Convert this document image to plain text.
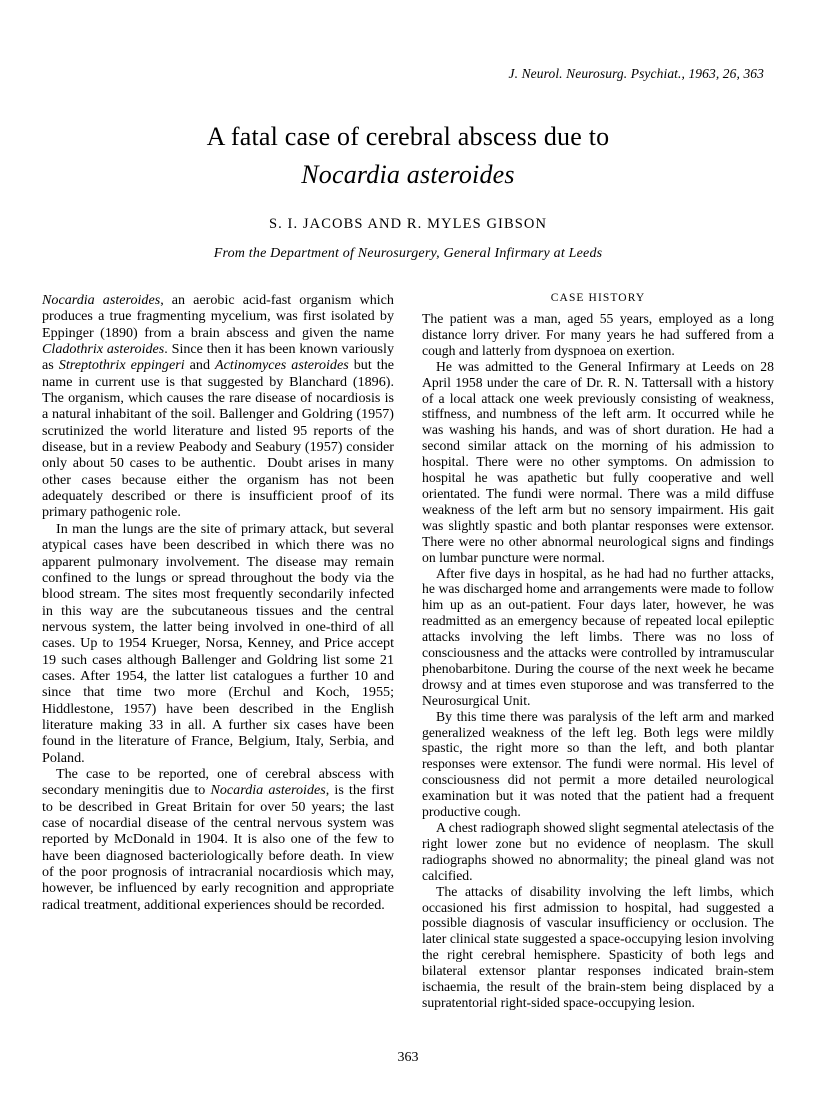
J. Neurol. Neurosurg. Psychiat., 1963, 26, 363
A fatal case of cerebral abscess due to
Nocardia asteroides
S. I. JACOBS AND R. MYLES GIBSON
From the Department of Neurosurgery, General Infirmary at Leeds

Nocardia asteroides, an aerobic acid-fast organism which produces a true fragmenting mycelium, was first isolated by Eppinger (1890) from a brain abscess and given the name Cladothrix asteroides. Since then it has been known variously as Streptothrix eppingeri and Actinomyces asteroides but the name in current use is that suggested by Blanchard (1896). The organism, which causes the rare disease of nocardiosis is a natural inhabitant of the soil. Ballenger and Goldring (1957) scrutinized the world literature and listed 95 reports of the disease, but in a review Peabody and Seabury (1957) consider only about 50 cases to be authentic.  Doubt arises in many other cases because either the organism has not been adequately described or there is insufficient proof of its primary pathogenic role.

In man the lungs are the site of primary attack, but several atypical cases have been described in which there was no apparent pulmonary involvement. The disease may remain confined to the lungs or spread throughout the body via the blood stream. The sites most frequently secondarily infected in this way are the subcutaneous tissues and the central nervous system, the latter being involved in one-third of all cases. Up to 1954 Krueger, Norsa, Kenney, and Price accept 19 such cases although Ballenger and Goldring list some 21 cases. After 1954, the latter list catalogues a further 10 and since that time two more (Erchul and Koch, 1955; Hiddlestone, 1957) have been described in the English literature making 33 in all. A further six cases have been found in the literature of France, Belgium, Italy, Serbia, and Poland.

The case to be reported, one of cerebral abscess with secondary meningitis due to Nocardia asteroides, is the first to be described in Great Britain for over 50 years; the last case of nocardial disease of the central nervous system was reported by McDonald in 1904. It is also one of the few to have been diagnosed bacteriologically before death. In view of the poor prognosis of intracranial nocardiosis which may, however, be influenced by early recognition and appropriate radical treatment, additional experiences should be recorded.

CASE HISTORY

The patient was a man, aged 55 years, employed as a long distance lorry driver. For many years he had suffered from a cough and latterly from dyspnoea on exertion.

He was admitted to the General Infirmary at Leeds on 28 April 1958 under the care of Dr. R. N. Tattersall with a history of a local attack one week previously consisting of weakness, stiffness, and numbness of the left arm. It occurred while he was washing his hands, and was of short duration. He had a second similar attack on the morning of his admission to hospital. There were no other symptoms. On admission to hospital he was apathetic but fully cooperative and well orientated. The fundi were normal. There was a mild diffuse weakness of the left arm but no sensory impairment. His gait was slightly spastic and both plantar responses were extensor. There were no other abnormal neurological signs and findings on lumbar puncture were normal.

After five days in hospital, as he had had no further attacks, he was discharged home and arrangements were made to follow him up as an out-patient. Four days later, however, he was readmitted as an emergency because of repeated local epileptic attacks involving the left limbs. There was no loss of consciousness and the attacks were controlled by intramuscular phenobarbitone. During the course of the next week he became drowsy and at times even stuporose and was transferred to the Neurosurgical Unit.

By this time there was paralysis of the left arm and marked generalized weakness of the left leg. Both legs were mildly spastic, the right more so than the left, and both plantar responses were extensor. The fundi were normal. His level of consciousness did not permit a more detailed neurological examination but it was noted that the patient had a frequent productive cough.

A chest radiograph showed slight segmental atelectasis of the right lower zone but no evidence of neoplasm. The skull radiographs showed no abnormality; the pineal gland was not calcified.

The attacks of disability involving the left limbs, which occasioned his first admission to hospital, had suggested a possible diagnosis of vascular insufficiency or occlusion. The later clinical state suggested a space-occupying lesion involving the right cerebral hemisphere. Spasticity of both legs and bilateral extensor plantar responses indicated brain-stem ischaemia, the result of the brain-stem being displaced by a supratentorial right-sided space-occupying lesion.

363
